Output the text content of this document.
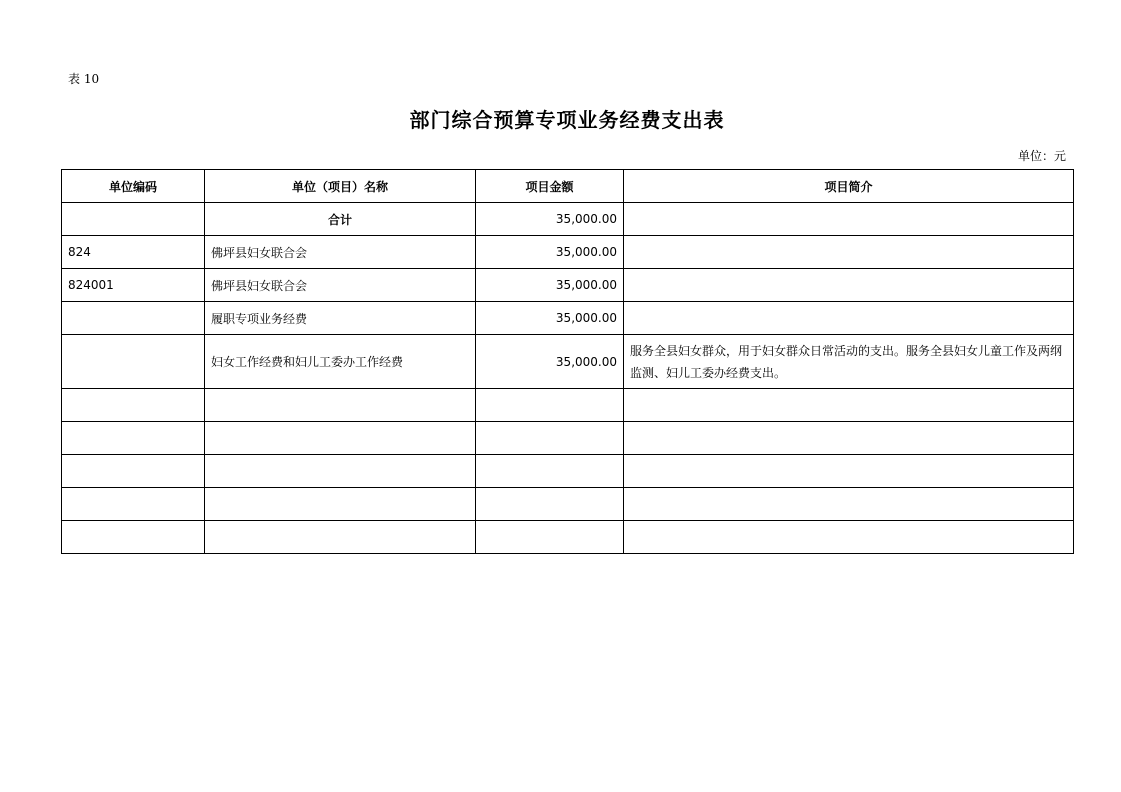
表 10
部门综合预算专项业务经费支出表
单位：元
单位编码	单位（项目）名称	项目金额	项目简介
	合计	35,000.00	
824	佛坪县妇女联合会	35,000.00	
824001	佛坪县妇女联合会	35,000.00	
	履职专项业务经费	35,000.00	
	妇女工作经费和妇儿工委办工作经费	35,000.00	服务全县妇女群众，用于妇女群众日常活动的支出。服务全县妇女儿童工作及两纲监测、妇儿工委办经费支出。
